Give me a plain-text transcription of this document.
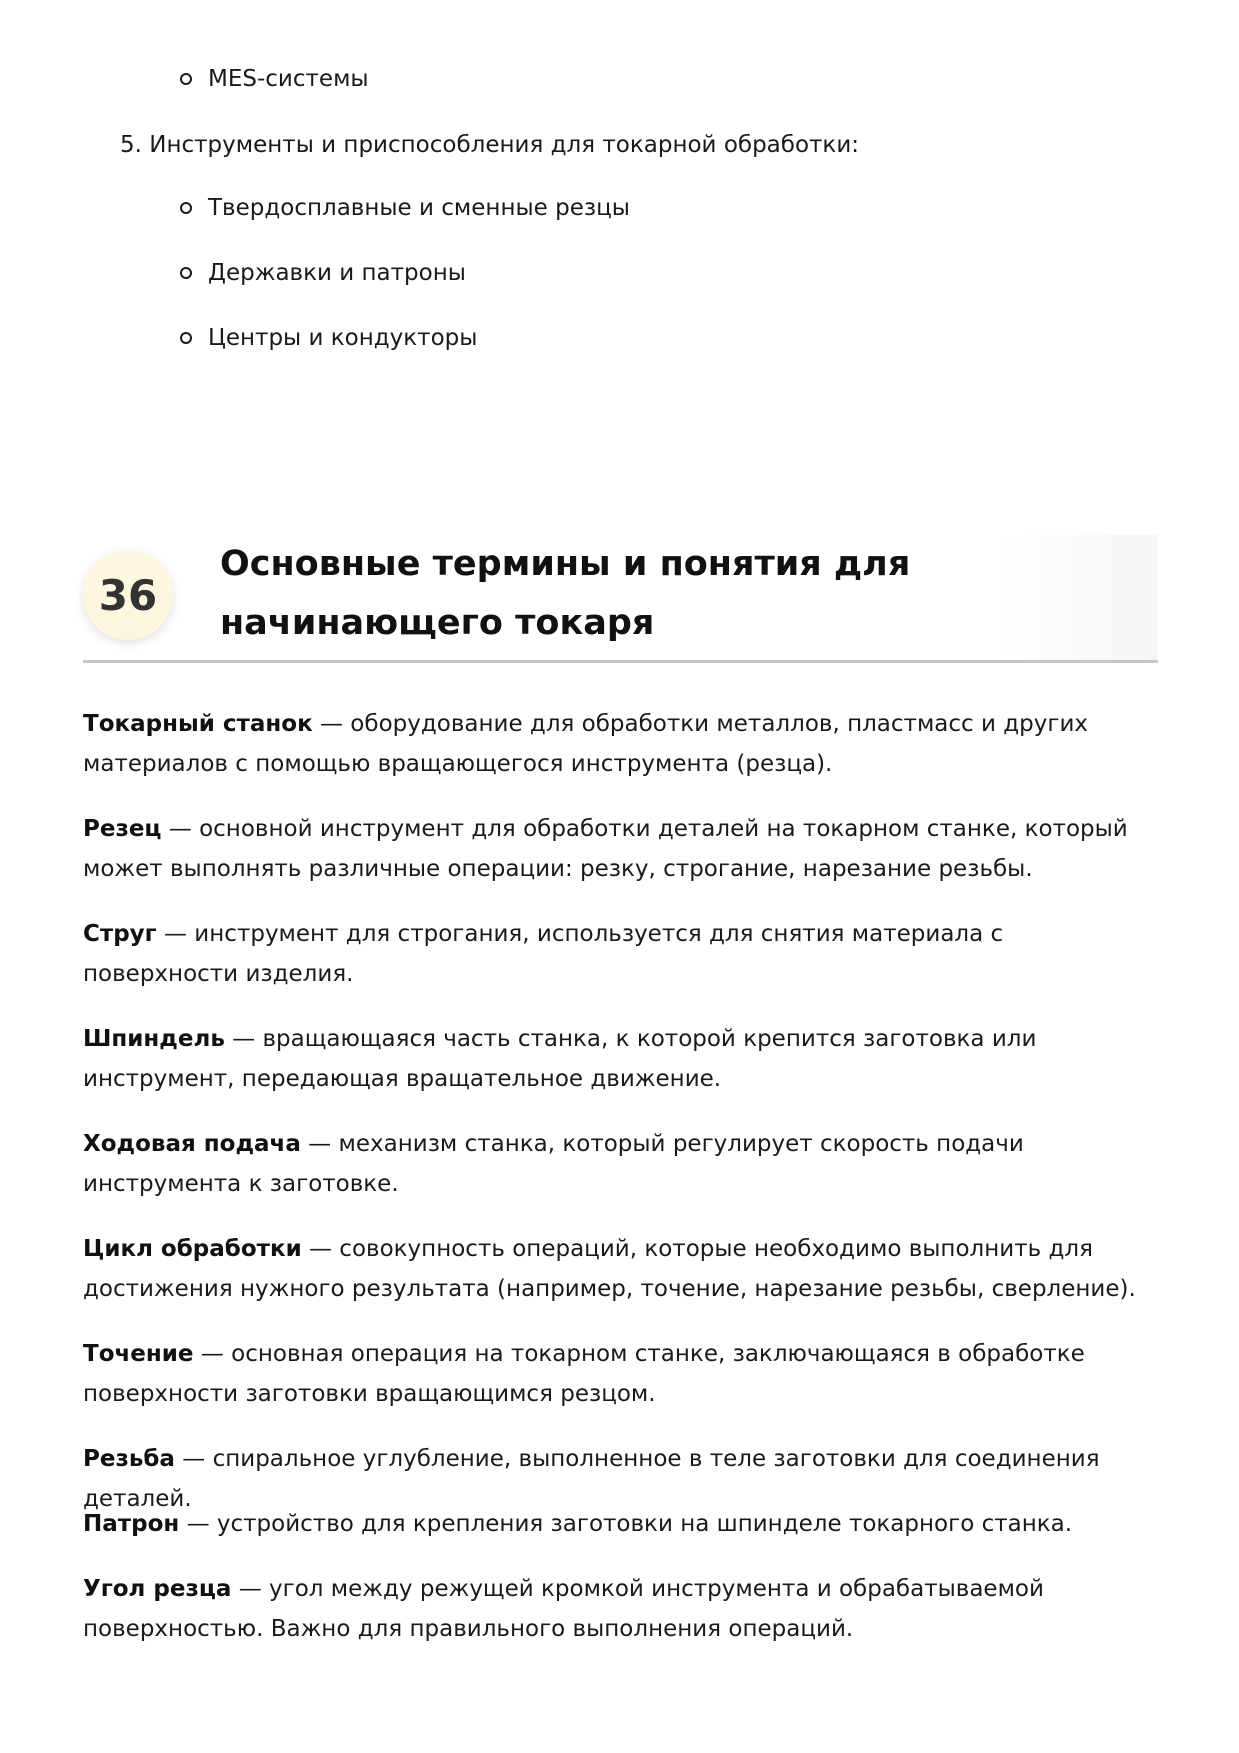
MES-системы
5. Инструменты и приспособления для токарной обработки:
Твердосплавные и сменные резцы
Державки и патроны
Центры и кондукторы
36
Основные термины и понятия для начинающего токаря
Токарный станок — оборудование для обработки металлов, пластмасс и других материалов с помощью вращающегося инструмента (резца).
Резец — основной инструмент для обработки деталей на токарном станке, который может выполнять различные операции: резку, строгание, нарезание резьбы.
Струг — инструмент для строгания, используется для снятия материала с поверхности изделия.
Шпиндель — вращающаяся часть станка, к которой крепится заготовка или инструмент, передающая вращательное движение.
Ходовая подача — механизм станка, который регулирует скорость подачи инструмента к заготовке.
Цикл обработки — совокупность операций, которые необходимо выполнить для достижения нужного результата (например, точение, нарезание резьбы, сверление).
Точение — основная операция на токарном станке, заключающаяся в обработке поверхности заготовки вращающимся резцом.
Резьба — спиральное углубление, выполненное в теле заготовки для соединения деталей.
Патрон — устройство для крепления заготовки на шпинделе токарного станка.
Угол резца — угол между режущей кромкой инструмента и обрабатываемой поверхностью. Важно для правильного выполнения операций.
